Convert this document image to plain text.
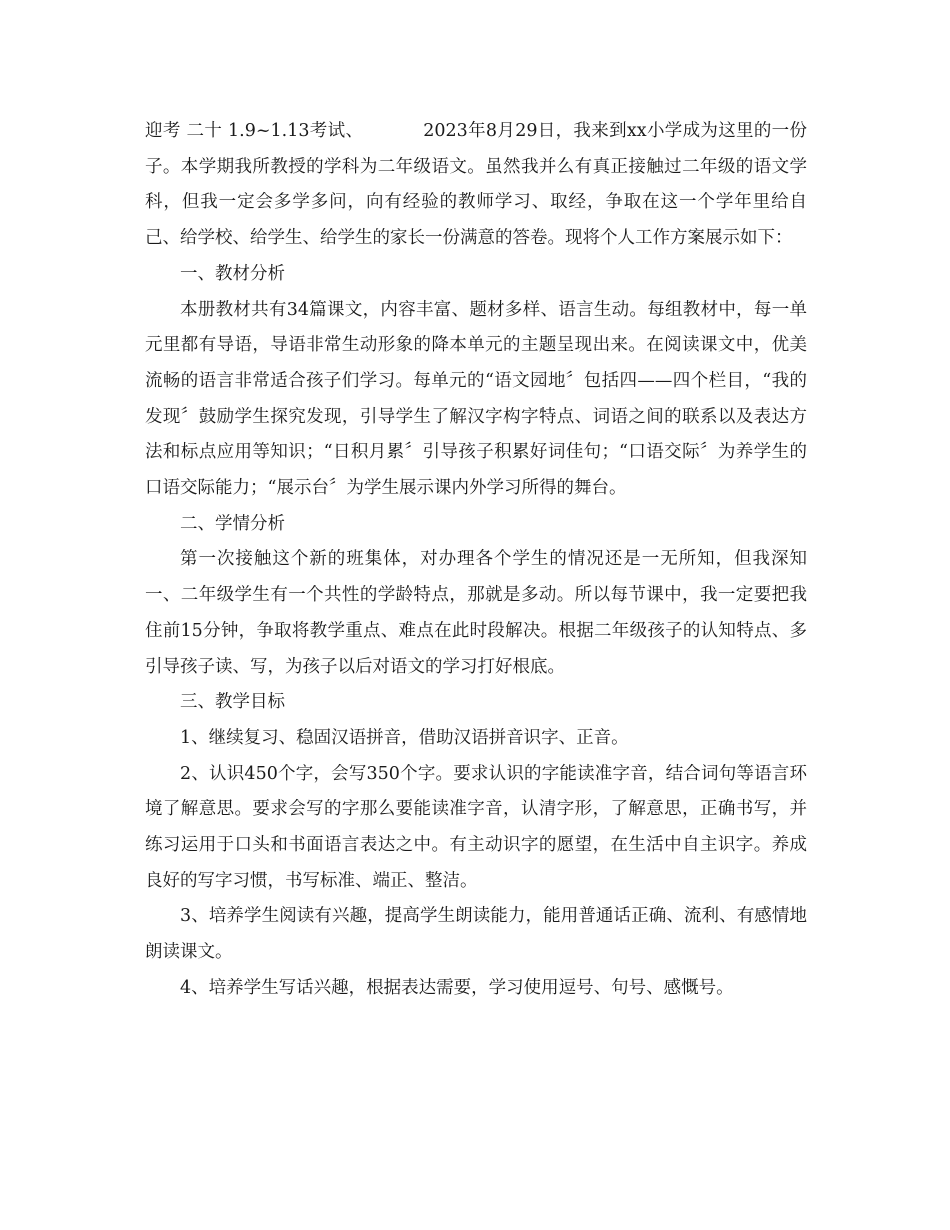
迎考 二十 1.9~1.13考试、	2023年8月29日，我来到xx小学成为这里的一份子。本学期我所教授的学科为二年级语文。虽然我并么有真正接触过二年级的语文学科，但我一定会多学多问，向有经验的教师学习、取经，争取在这一个学年里给自己、给学校、给学生、给学生的家长一份满意的答卷。现将个人工作方案展示如下：

一、教材分析

本册教材共有34篇课文，内容丰富、题材多样、语言生动。每组教材中，每一单元里都有导语，导语非常生动形象的降本单元的主题呈现出来。在阅读课文中，优美流畅的语言非常适合孩子们学习。每单元的“语文园地〞包括四——四个栏目，“我的发现〞鼓励学生探究发现，引导学生了解汉字构字特点、词语之间的联系以及表达方法和标点应用等知识；“日积月累〞引导孩子积累好词佳句；“口语交际〞为养学生的口语交际能力；“展示台〞为学生展示课内外学习所得的舞台。

二、学情分析

第一次接触这个新的班集体，对办理各个学生的情况还是一无所知，但我深知一、二年级学生有一个共性的学龄特点，那就是多动。所以每节课中，我一定要把我住前15分钟，争取将教学重点、难点在此时段解决。根据二年级孩子的认知特点、多引导孩子读、写，为孩子以后对语文的学习打好根底。

三、教学目标

1、继续复习、稳固汉语拼音，借助汉语拼音识字、正音。

2、认识450个字，会写350个字。要求认识的字能读准字音，结合词句等语言环境了解意思。要求会写的字那么要能读准字音，认清字形，了解意思，正确书写，并练习运用于口头和书面语言表达之中。有主动识字的愿望，在生活中自主识字。养成良好的写字习惯，书写标准、端正、整洁。

3、培养学生阅读有兴趣，提高学生朗读能力，能用普通话正确、流利、有感情地朗读课文。

4、培养学生写话兴趣，根据表达需要，学习使用逗号、句号、感慨号。
